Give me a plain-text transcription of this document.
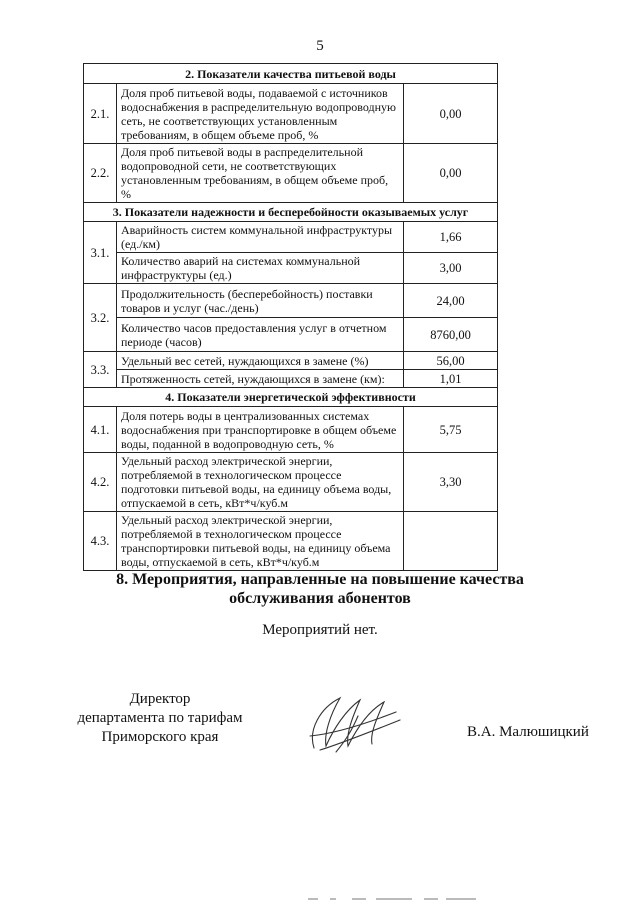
5
2. Показатели качества питьевой воды		
2.1.	Доля проб питьевой воды, подаваемой с источников водоснабжения в распределительную водопроводную сеть, не соответствующих установленным требованиям, в общем объеме проб, %	0,00
2.2.	Доля проб питьевой воды в распределительной водопроводной сети, не соответствующих установленным требованиям, в общем объеме проб, %	0,00
3. Показатели надежности и бесперебойности оказываемых услуг		
3.1.	Аварийность систем коммунальной инфраструктуры (ед./км)	1,66
	Количество аварий на системах коммунальной инфраструктуры (ед.)	3,00
3.2.	Продолжительность (бесперебойность) поставки товаров и услуг (час./день)	24,00
	Количество часов предоставления услуг в отчетном периоде (часов)	8760,00
3.3.	Удельный вес сетей, нуждающихся в замене (%)	56,00
	Протяженность сетей, нуждающихся в замене (км):	1,01
4. Показатели энергетической эффективности		
4.1.	Доля потерь воды в централизованных системах водоснабжения при транспортировке в общем объеме воды, поданной в водопроводную сеть, %	5,75
4.2.	Удельный расход электрической энергии, потребляемой в технологическом процессе подготовки питьевой воды, на единицу объема воды, отпускаемой в сеть, кВт*ч/куб.м	3,30
4.3.	Удельный расход электрической энергии, потребляемой в технологическом процессе транспортировки питьевой воды, на единицу объема воды, отпускаемой в сеть, кВт*ч/куб.м	
8. Мероприятия, направленные на повышение качества
обслуживания абонентов
Мероприятий нет.
Директор
департамента по тарифам
Приморского края	В.А. Малюшицкий
